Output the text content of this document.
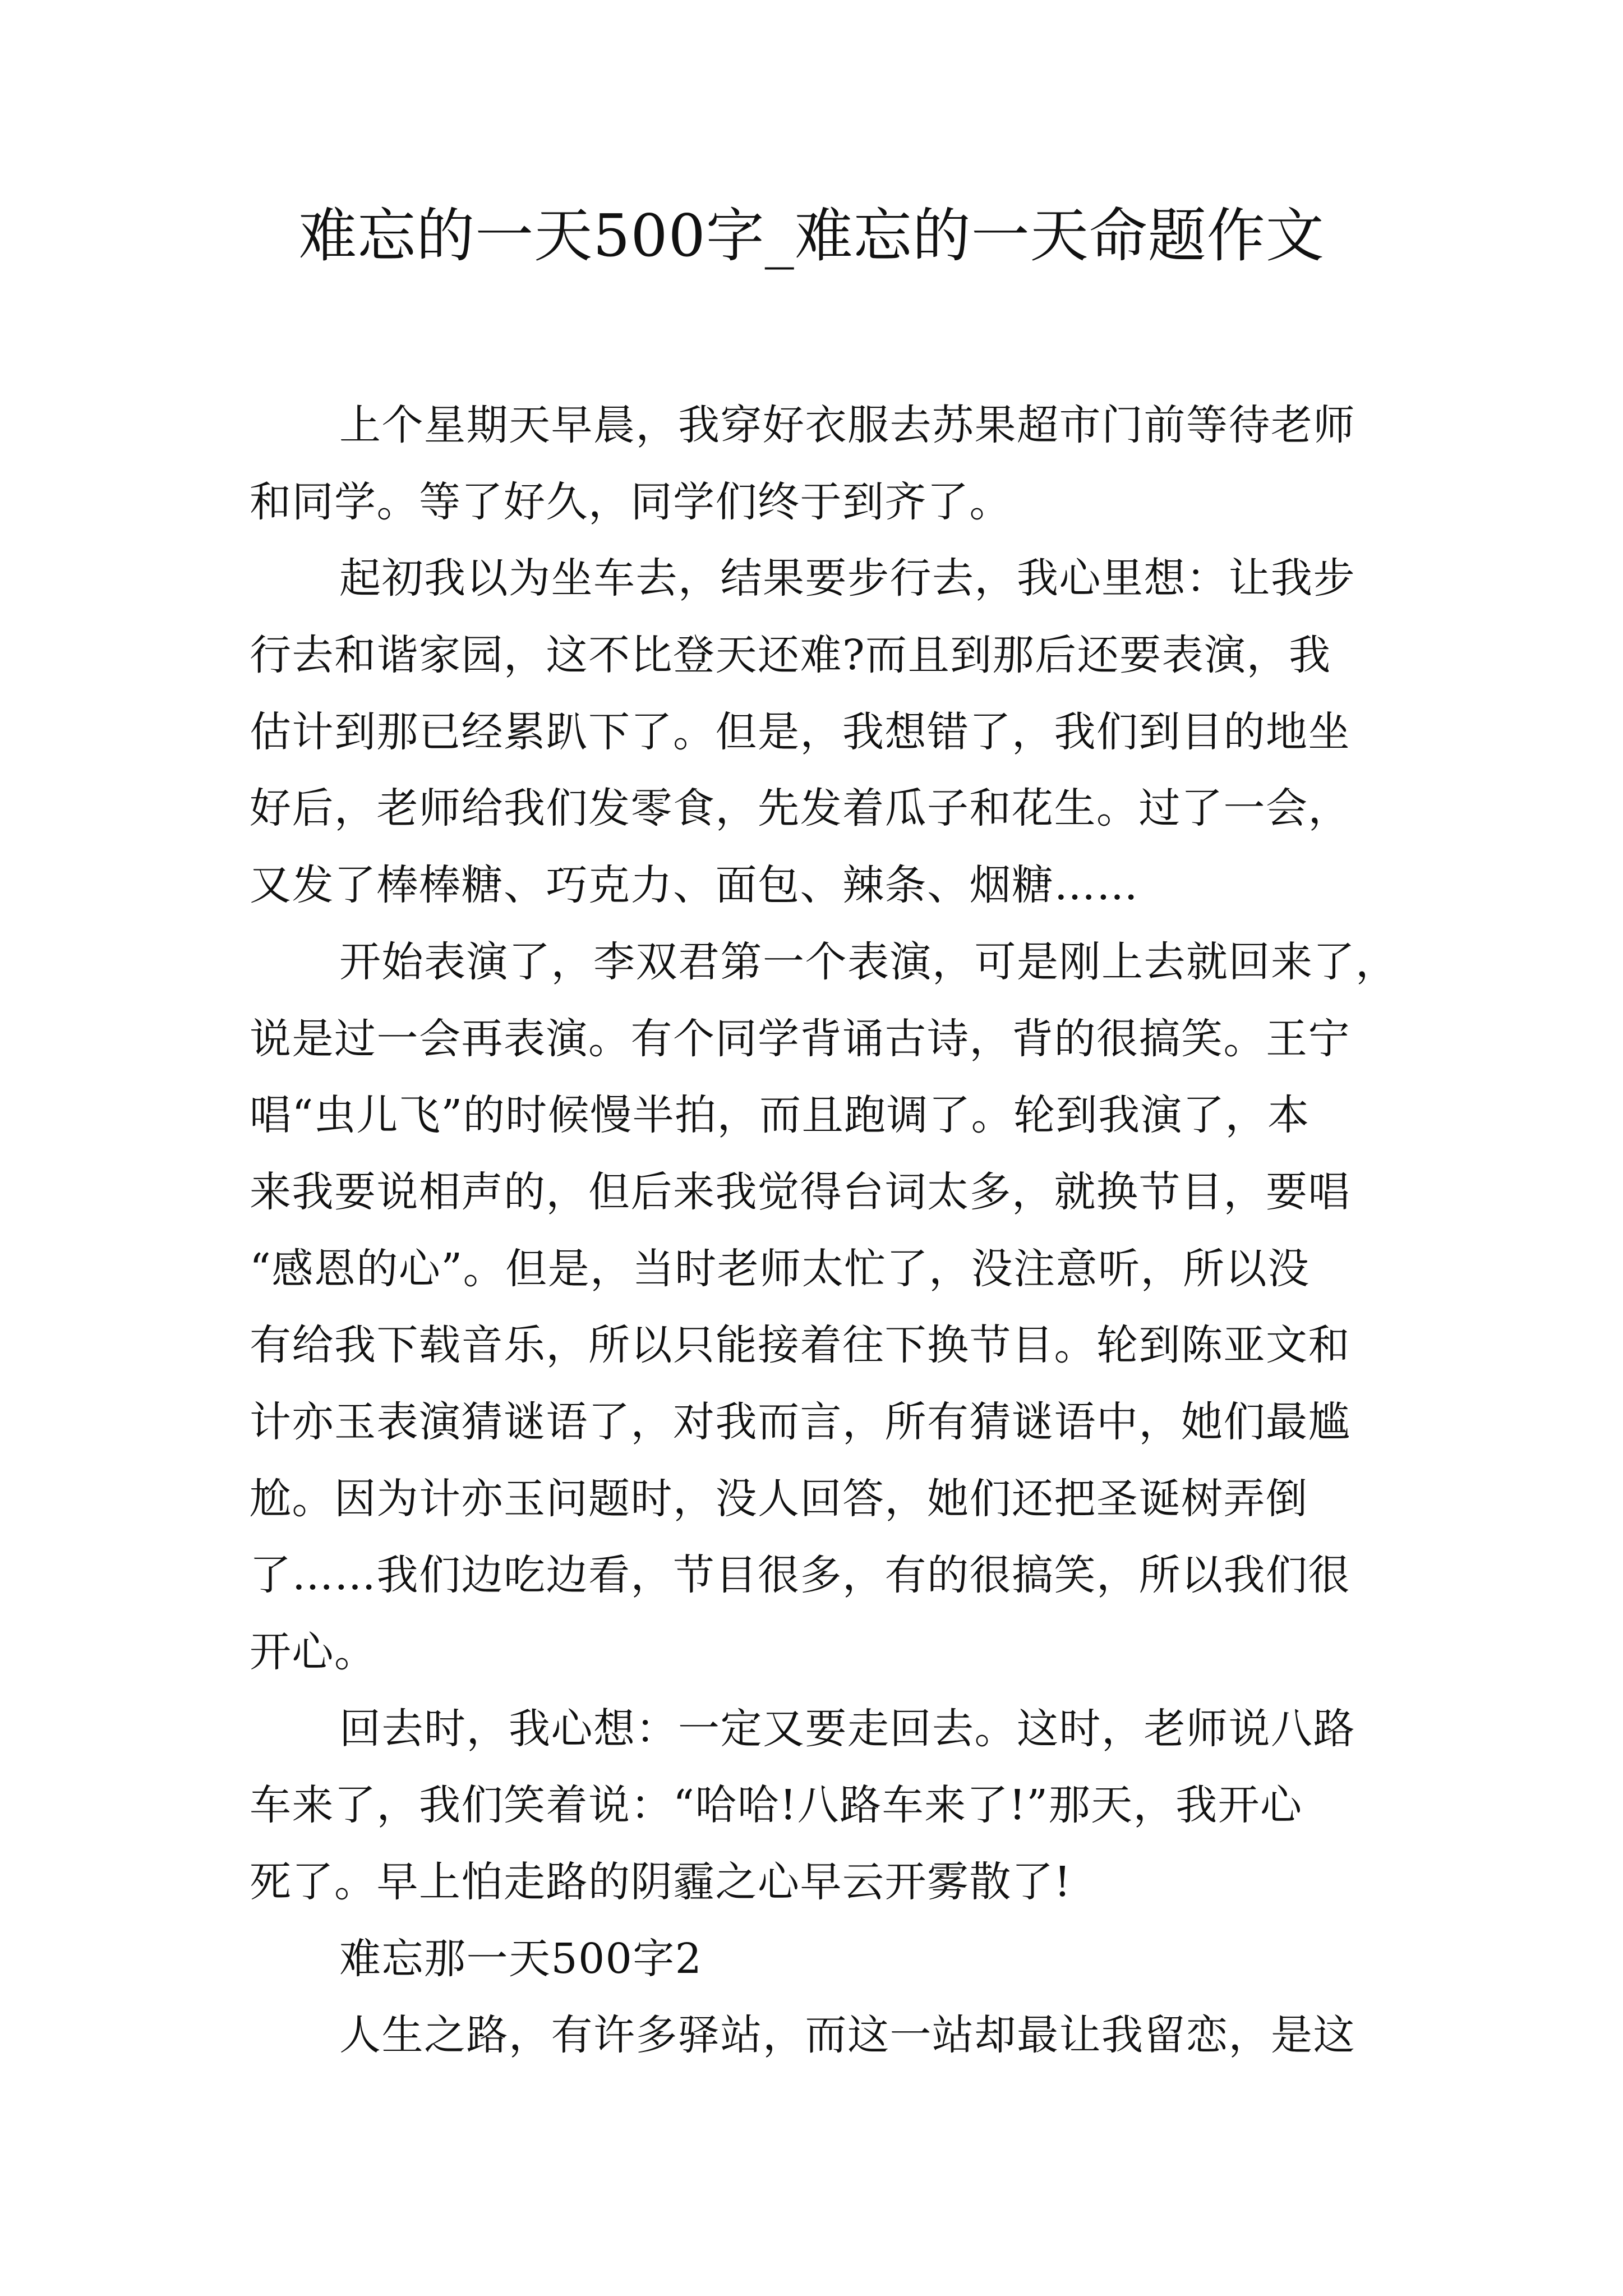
难忘的一天500字_难忘的一天命题作文
上个星期天早晨，我穿好衣服去苏果超市门前等待老师
和同学。等了好久，同学们终于到齐了。
起初我以为坐车去，结果要步行去，我心里想：让我步
行去和谐家园，这不比登天还难?而且到那后还要表演，我
估计到那已经累趴下了。但是，我想错了，我们到目的地坐
好后，老师给我们发零食，先发着瓜子和花生。过了一会，
又发了棒棒糖、巧克力、面包、辣条、烟糖……
开始表演了，李双君第一个表演，可是刚上去就回来了，
说是过一会再表演。有个同学背诵古诗，背的很搞笑。王宁
唱“虫儿飞”的时候慢半拍，而且跑调了。轮到我演了，本
来我要说相声的，但后来我觉得台词太多，就换节目，要唱
“感恩的心”。但是，当时老师太忙了，没注意听，所以没
有给我下载音乐，所以只能接着往下换节目。轮到陈亚文和
计亦玉表演猜谜语了，对我而言，所有猜谜语中，她们最尴
尬。因为计亦玉问题时，没人回答，她们还把圣诞树弄倒
了……我们边吃边看，节目很多，有的很搞笑，所以我们很
开心。
回去时，我心想：一定又要走回去。这时，老师说八路
车来了，我们笑着说：“哈哈!八路车来了!”那天，我开心
死了。早上怕走路的阴霾之心早云开雾散了!
难忘那一天500字2
人生之路，有许多驿站，而这一站却最让我留恋，是这
